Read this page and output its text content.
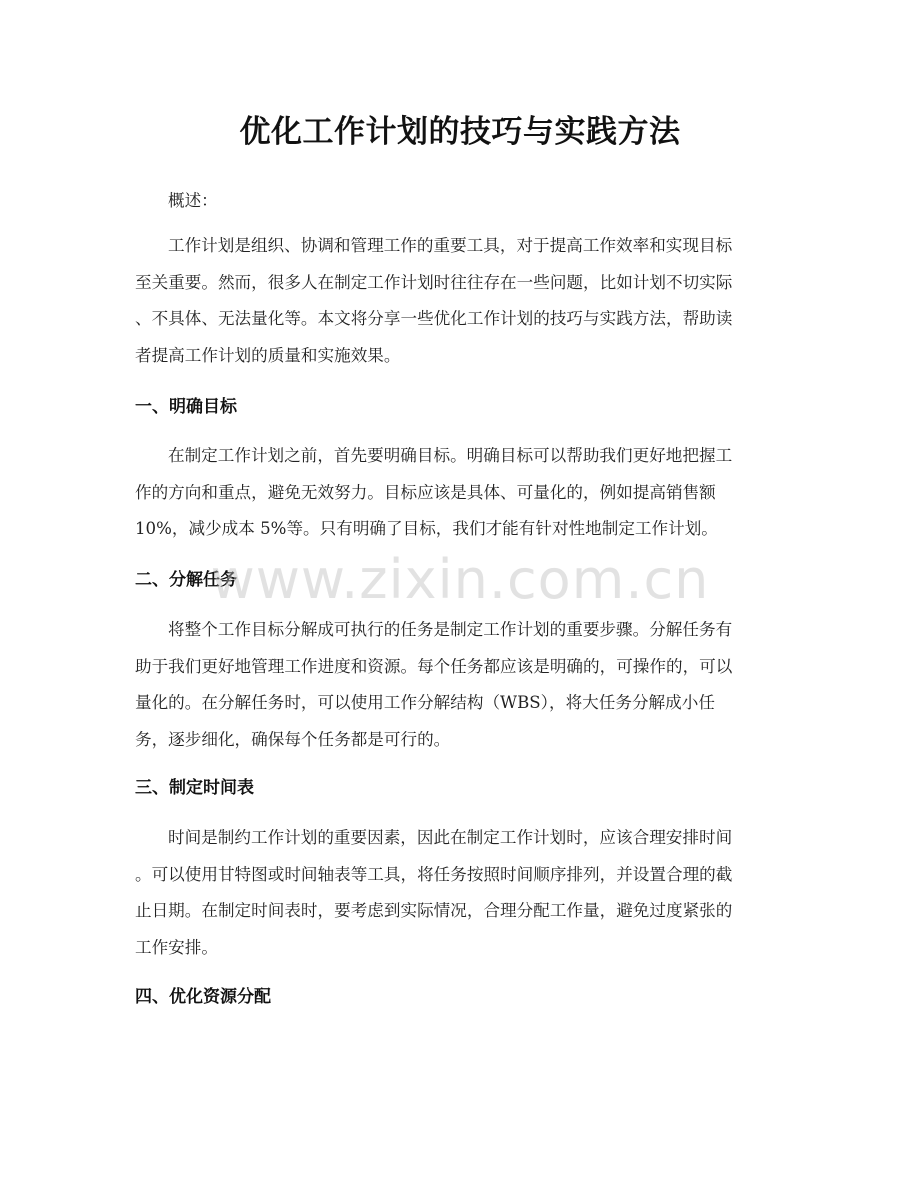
优化工作计划的技巧与实践方法
概述：
工作计划是组织、协调和管理工作的重要工具，对于提高工作效率和实现目标
至关重要。然而，很多人在制定工作计划时往往存在一些问题，比如计划不切实际
、不具体、无法量化等。本文将分享一些优化工作计划的技巧与实践方法，帮助读
者提高工作计划的质量和实施效果。
一、明确目标
在制定工作计划之前，首先要明确目标。明确目标可以帮助我们更好地把握工
作的方向和重点，避免无效努力。目标应该是具体、可量化的，例如提高销售额
10%，减少成本 5%等。只有明确了目标，我们才能有针对性地制定工作计划。
二、分解任务
将整个工作目标分解成可执行的任务是制定工作计划的重要步骤。分解任务有
助于我们更好地管理工作进度和资源。每个任务都应该是明确的，可操作的，可以
量化的。在分解任务时，可以使用工作分解结构（WBS），将大任务分解成小任
务，逐步细化，确保每个任务都是可行的。
三、制定时间表
时间是制约工作计划的重要因素，因此在制定工作计划时，应该合理安排时间
。可以使用甘特图或时间轴表等工具，将任务按照时间顺序排列，并设置合理的截
止日期。在制定时间表时，要考虑到实际情况，合理分配工作量，避免过度紧张的
工作安排。
四、优化资源分配
www.zixin.com.cn
